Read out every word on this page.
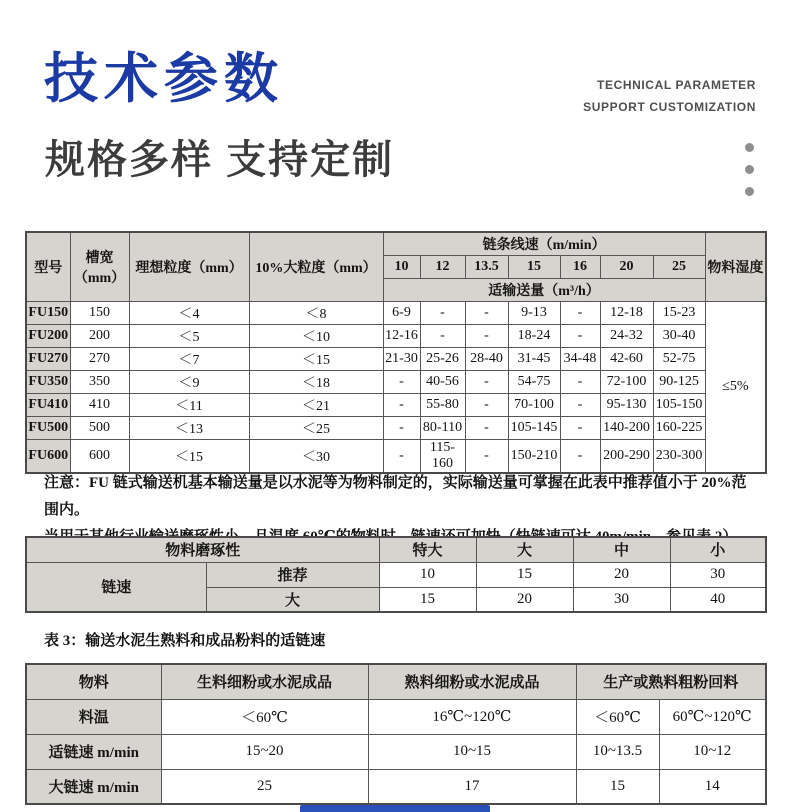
技术参数	TECHNICAL PARAMETER
SUPPORT CUSTOMIZATION
规格多样 支持定制
型号	槽宽（mm）	理想粒度（mm）	10%大粒度（mm）	链条线速（m/min）							物料湿度
				10	12	13.5	15	16	20	25	
				适输送量（m³/h）							
FU150	150	＜4	＜8	6-9	-	-	9-13	-	12-18	15-23	≤5%
FU200	200	＜5	＜10	12-16	-	-	18-24	-	24-32	30-40	
FU270	270	＜7	＜15	21-30	25-26	28-40	31-45	34-48	42-60	52-75	
FU350	350	＜9	＜18	-	40-56	-	54-75	-	72-100	90-125	
FU410	410	＜11	＜21	-	55-80	-	70-100	-	95-130	105-150	
FU500	500	＜13	＜25	-	80-110	-	105-145	-	140-200	160-225	
FU600	600	＜15	＜30	-	115-160	-	150-210	-	200-290	230-300	
注意：FU 链式输送机基本输送量是以水泥等为物料制定的，实际输送量可掌握在此表中推荐值小于 20%范围内。
物料磨琢性		特大	大	中	小
链速	推荐	10	15	20	30
	大	15	20	30	40
表 3：输送水泥生熟料和成品粉料的适链速
物料	生料细粉或水泥成品	熟料细粉或水泥成品	生产或熟料粗粉回料	
料温	＜60℃	16℃~120℃	＜60℃	60℃~120℃
适链速 m/min	15~20	10~15	10~13.5	10~12
大链速 m/min	25	17	15	14
